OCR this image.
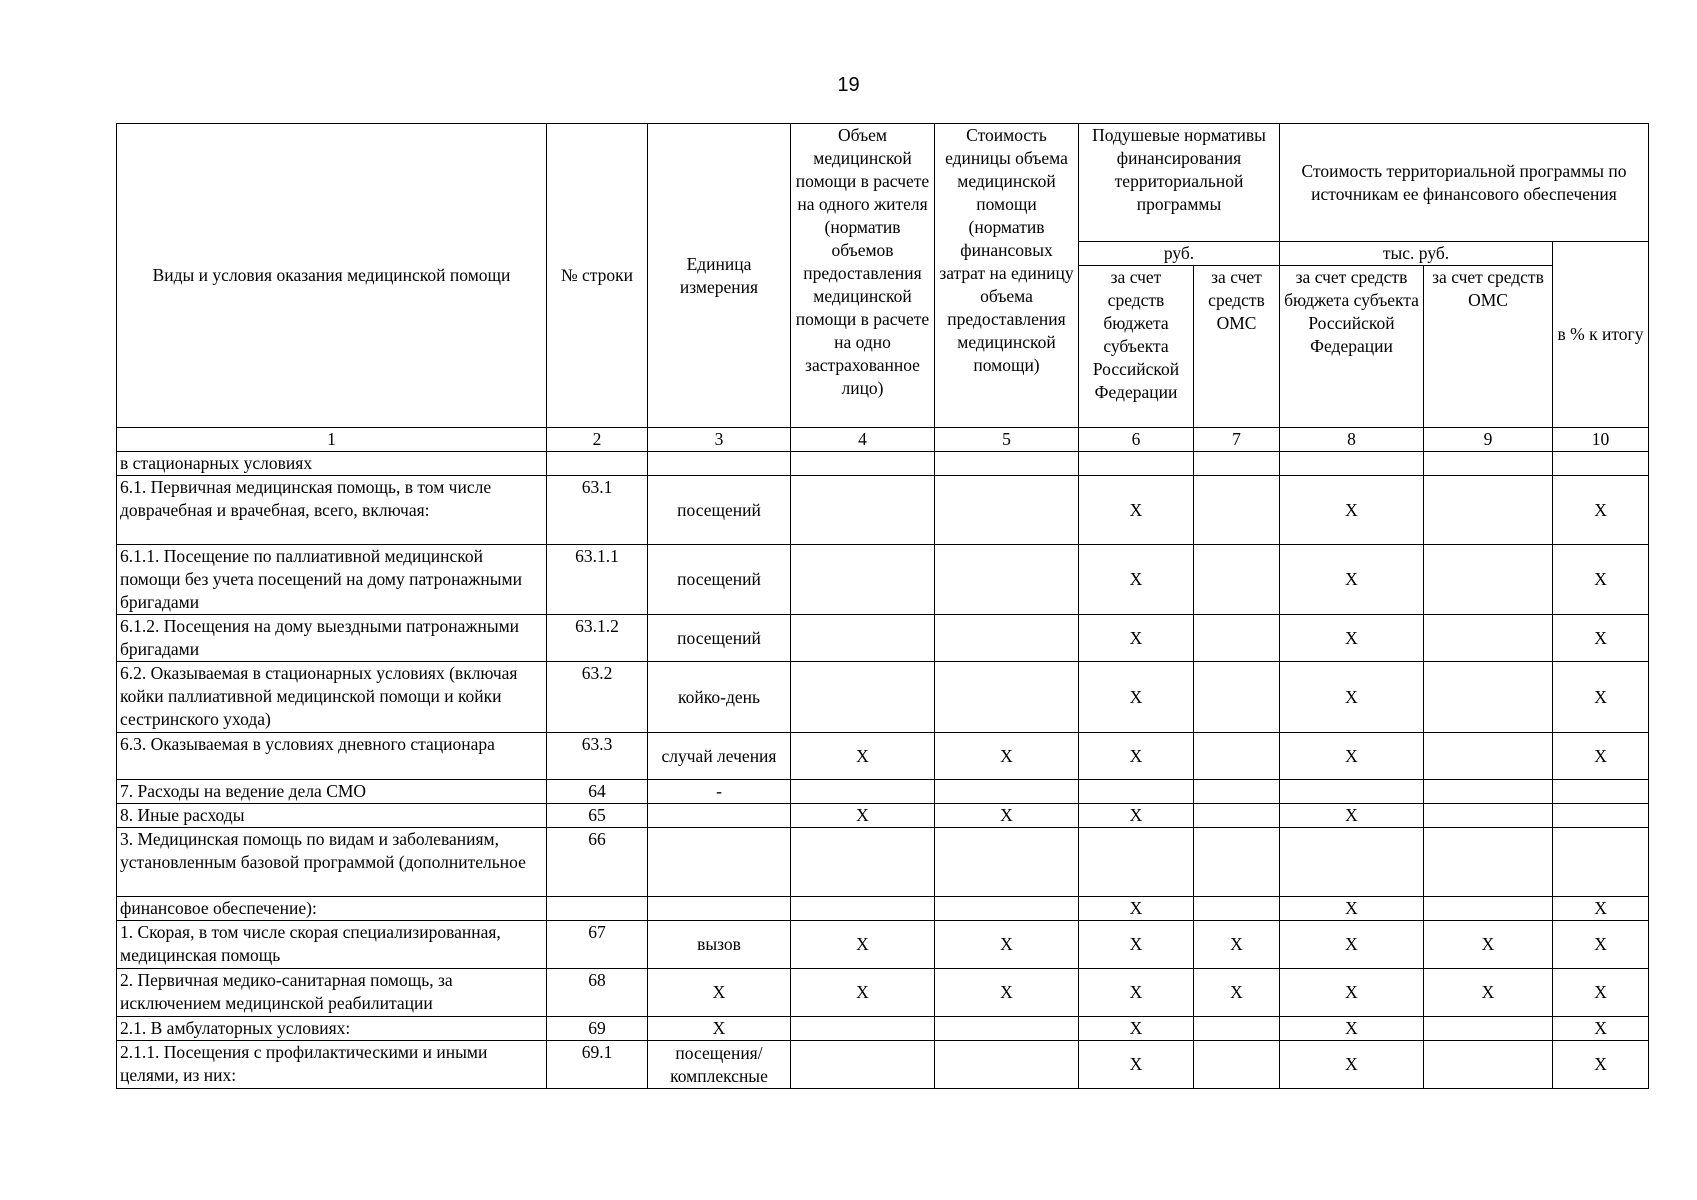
19
Виды и условия оказания медицинской помощи	№ строки	Единица измерения	Объем медицинской помощи в расчете на одного жителя (норматив объемов предоставления медицинской помощи в расчете на одно застрахованное лицо)	Стоимость единицы объема медицинской помощи (норматив финансовых затрат на единицу объема предоставления медицинской помощи)	Подушевые нормативы финансирования территориальной программы		Стоимость территориальной программы по источникам ее финансового обеспечения		
					руб.		тыс. руб.		в % к итогу
					за счет средств бюджета субъекта Российской Федерации	за счет средств ОМС	за счет средств бюджета субъекта Российской Федерации	за счет средств ОМС	
1	2	3	4	5	6	7	8	9	10
в стационарных условиях									
6.1. Первичная медицинская помощь, в том числе доврачебная и врачебная, всего, включая:	63.1	посещений			Х		Х		Х
6.1.1. Посещение по паллиативной медицинской помощи без учета посещений на дому патронажными бригадами	63.1.1	посещений			Х		Х		Х
6.1.2. Посещения на дому выездными патронажными бригадами	63.1.2	посещений			Х		Х		Х
6.2. Оказываемая в стационарных условиях (включая койки паллиативной медицинской помощи и койки сестринского ухода)	63.2	койко-день			Х		Х		Х
6.3. Оказываемая в условиях дневного стационара	63.3	случай лечения	Х	Х	Х		Х		Х
7. Расходы на ведение дела СМО	64	-							
8. Иные расходы	65		Х	Х	Х		Х		
3. Медицинская помощь по видам и заболеваниям, установленным базовой программой (дополнительное	66								
финансовое обеспечение):					Х		Х		Х
1. Скорая, в том числе скорая специализированная, медицинская помощь	67	вызов	Х	Х	Х	Х	Х	Х	Х
2. Первичная медико-санитарная помощь, за исключением медицинской реабилитации	68	Х	Х	Х	Х	Х	Х	Х	Х
2.1. В амбулаторных условиях:	69	Х			Х		Х		Х
2.1.1. Посещения с профилактическими и иными целями, из них:	69.1	посещения/комплексные			Х		Х		Х
